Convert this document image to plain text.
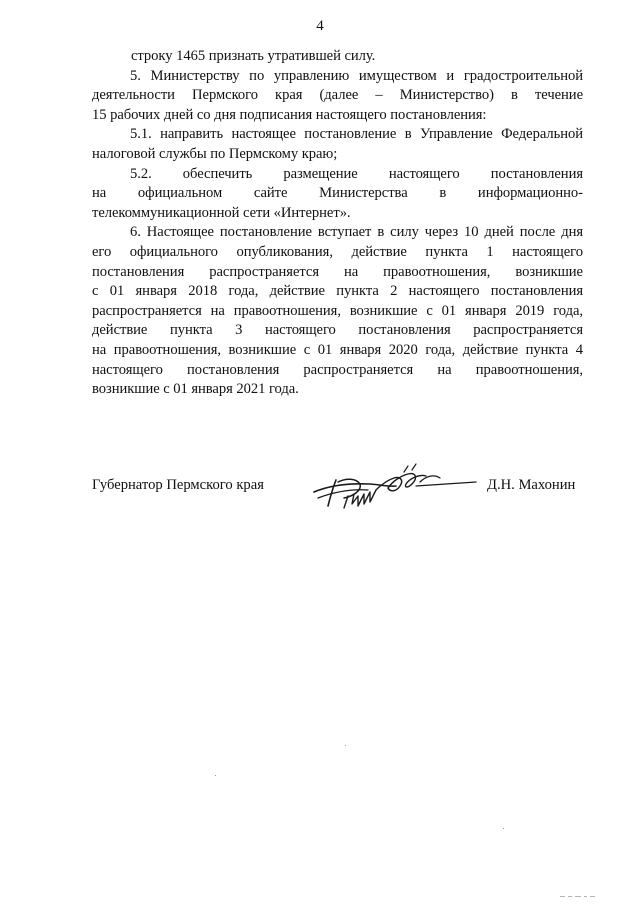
4

строку 1465 признать утратившей силу.

5. Министерству по управлению имуществом и градостроительной
деятельности Пермского края (далее – Министерство) в течение
15 рабочих дней со дня подписания настоящего постановления:

5.1. направить настоящее постановление в Управление Федеральной
налоговой службы по Пермскому краю;

5.2. обеспечить размещение настоящего постановления
на официальном сайте Министерства в информационно-
телекоммуникационной сети «Интернет».

6. Настоящее постановление вступает в силу через 10 дней после дня
его официального опубликования, действие пункта 1 настоящего
постановления распространяется на правоотношения, возникшие
с 01 января 2018 года, действие пункта 2 настоящего постановления
распространяется на правоотношения, возникшие с 01 января 2019 года,
действие пункта 3 настоящего постановления распространяется
на правоотношения, возникшие с 01 января 2020 года, действие пункта 4
настоящего постановления распространяется на правоотношения,
возникшие с 01 января 2021 года.

Губернатор Пермского края	Д.Н. Махонин
